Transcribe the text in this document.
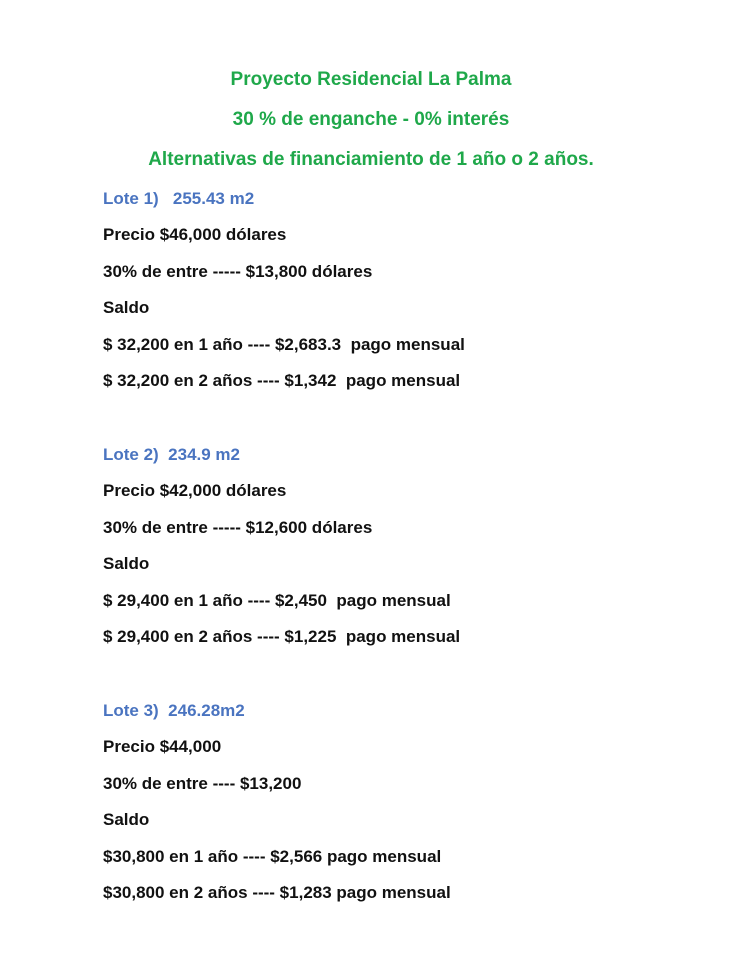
Proyecto Residencial La Palma
30 % de enganche - 0% interés
Alternativas de financiamiento de 1 año o 2 años.
Lote 1)   255.43 m2
Precio $46,000 dólares
30% de entre ----- $13,800 dólares
Saldo
$ 32,200 en 1 año ---- $2,683.3  pago mensual
$ 32,200 en 2 años ---- $1,342  pago mensual
Lote 2)  234.9 m2
Precio $42,000 dólares
30% de entre ----- $12,600 dólares
Saldo
$ 29,400 en 1 año ---- $2,450  pago mensual
$ 29,400 en 2 años ---- $1,225  pago mensual
Lote 3)  246.28m2
Precio $44,000
30% de entre ---- $13,200
Saldo
$30,800 en 1 año ---- $2,566 pago mensual
$30,800 en 2 años ---- $1,283 pago mensual
